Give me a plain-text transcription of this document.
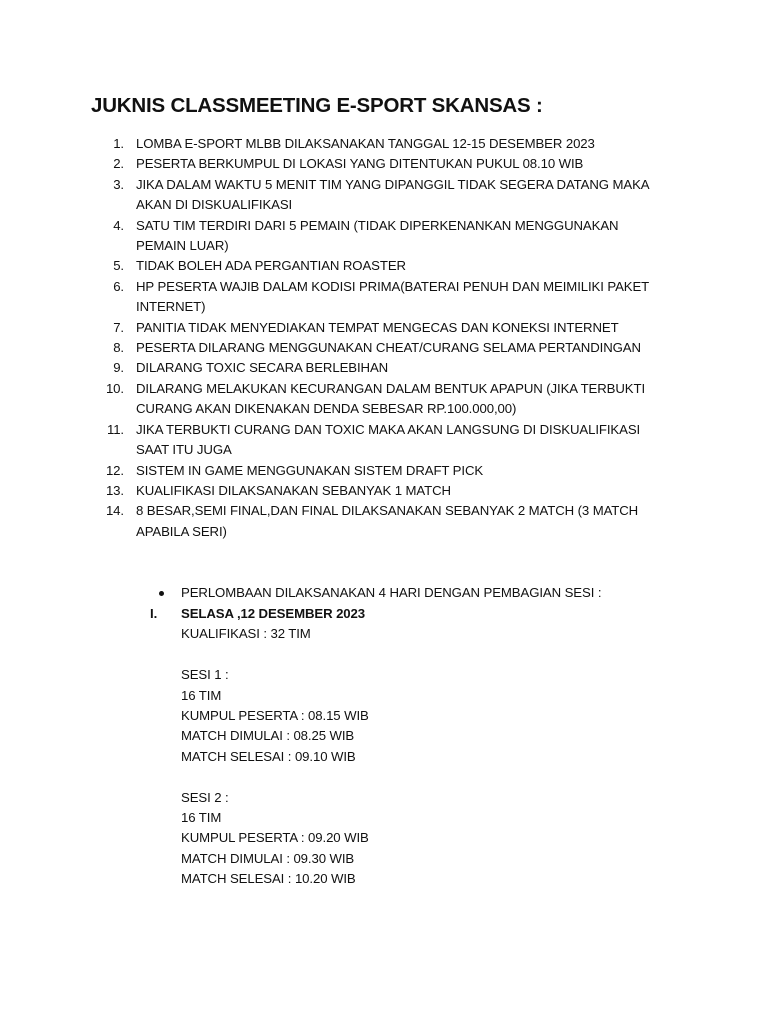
JUKNIS CLASSMEETING E-SPORT SKANSAS :
1. LOMBA E-SPORT MLBB DILAKSANAKAN TANGGAL 12-15 DESEMBER 2023
2. PESERTA BERKUMPUL DI LOKASI YANG DITENTUKAN PUKUL 08.10 WIB
3. JIKA DALAM WAKTU 5 MENIT TIM YANG DIPANGGIL TIDAK SEGERA DATANG MAKA AKAN DI DISKUALIFIKASI
4. SATU TIM TERDIRI DARI 5 PEMAIN (TIDAK DIPERKENANKAN MENGGUNAKAN PEMAIN LUAR)
5. TIDAK BOLEH ADA PERGANTIAN ROASTER
6. HP PESERTA WAJIB DALAM KODISI PRIMA(BATERAI PENUH DAN MEIMILIKI PAKET INTERNET)
7. PANITIA TIDAK MENYEDIAKAN TEMPAT MENGECAS DAN KONEKSI INTERNET
8. PESERTA DILARANG MENGGUNAKAN CHEAT/CURANG SELAMA PERTANDINGAN
9. DILARANG TOXIC SECARA BERLEBIHAN
10. DILARANG MELAKUKAN KECURANGAN DALAM BENTUK APAPUN (JIKA TERBUKTI CURANG AKAN DIKENAKAN DENDA SEBESAR RP.100.000,00)
11. JIKA TERBUKTI CURANG DAN TOXIC MAKA AKAN LANGSUNG DI DISKUALIFIKASI SAAT ITU JUGA
12. SISTEM IN GAME MENGGUNAKAN SISTEM DRAFT PICK
13. KUALIFIKASI DILAKSANAKAN SEBANYAK 1 MATCH
14. 8 BESAR,SEMI FINAL,DAN FINAL DILAKSANAKAN SEBANYAK 2 MATCH (3 MATCH APABILA SERI)
PERLOMBAAN DILAKSANAKAN 4 HARI DENGAN PEMBAGIAN SESI :
I. SELASA ,12 DESEMBER 2023
KUALIFIKASI : 32 TIM
SESI 1 :
16 TIM
KUMPUL PESERTA : 08.15 WIB
MATCH DIMULAI : 08.25 WIB
MATCH SELESAI : 09.10 WIB
SESI 2 :
16 TIM
KUMPUL PESERTA : 09.20 WIB
MATCH DIMULAI : 09.30 WIB
MATCH SELESAI : 10.20 WIB
